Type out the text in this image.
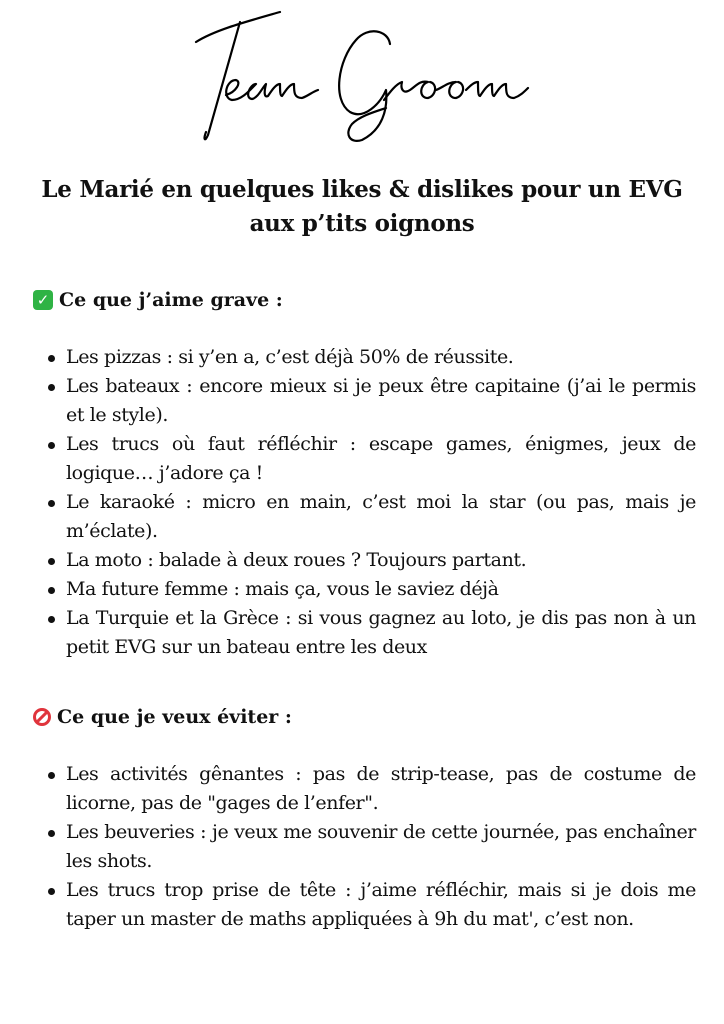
Le Marié en quelques likes & dislikes pour un EVG aux p’tits oignons
✓ Ce que j’aime grave :
Les pizzas : si y’en a, c’est déjà 50% de réussite.
Les bateaux : encore mieux si je peux être capitaine (j’ai le permis et le style).
Les trucs où faut réfléchir : escape games, énigmes, jeux de logique… j’adore ça !
Le karaoké : micro en main, c’est moi la star (ou pas, mais je m’éclate).
La moto : balade à deux roues ? Toujours partant.
Ma future femme : mais ça, vous le saviez déjà
La Turquie et la Grèce : si vous gagnez au loto, je dis pas non à un petit EVG sur un bateau entre les deux
Ce que je veux éviter :
Les activités gênantes : pas de strip-tease, pas de costume de licorne, pas de "gages de l’enfer".
Les beuveries : je veux me souvenir de cette journée, pas enchaîner les shots.
Les trucs trop prise de tête : j’aime réfléchir, mais si je dois me taper un master de maths appliquées à 9h du mat', c’est non.
